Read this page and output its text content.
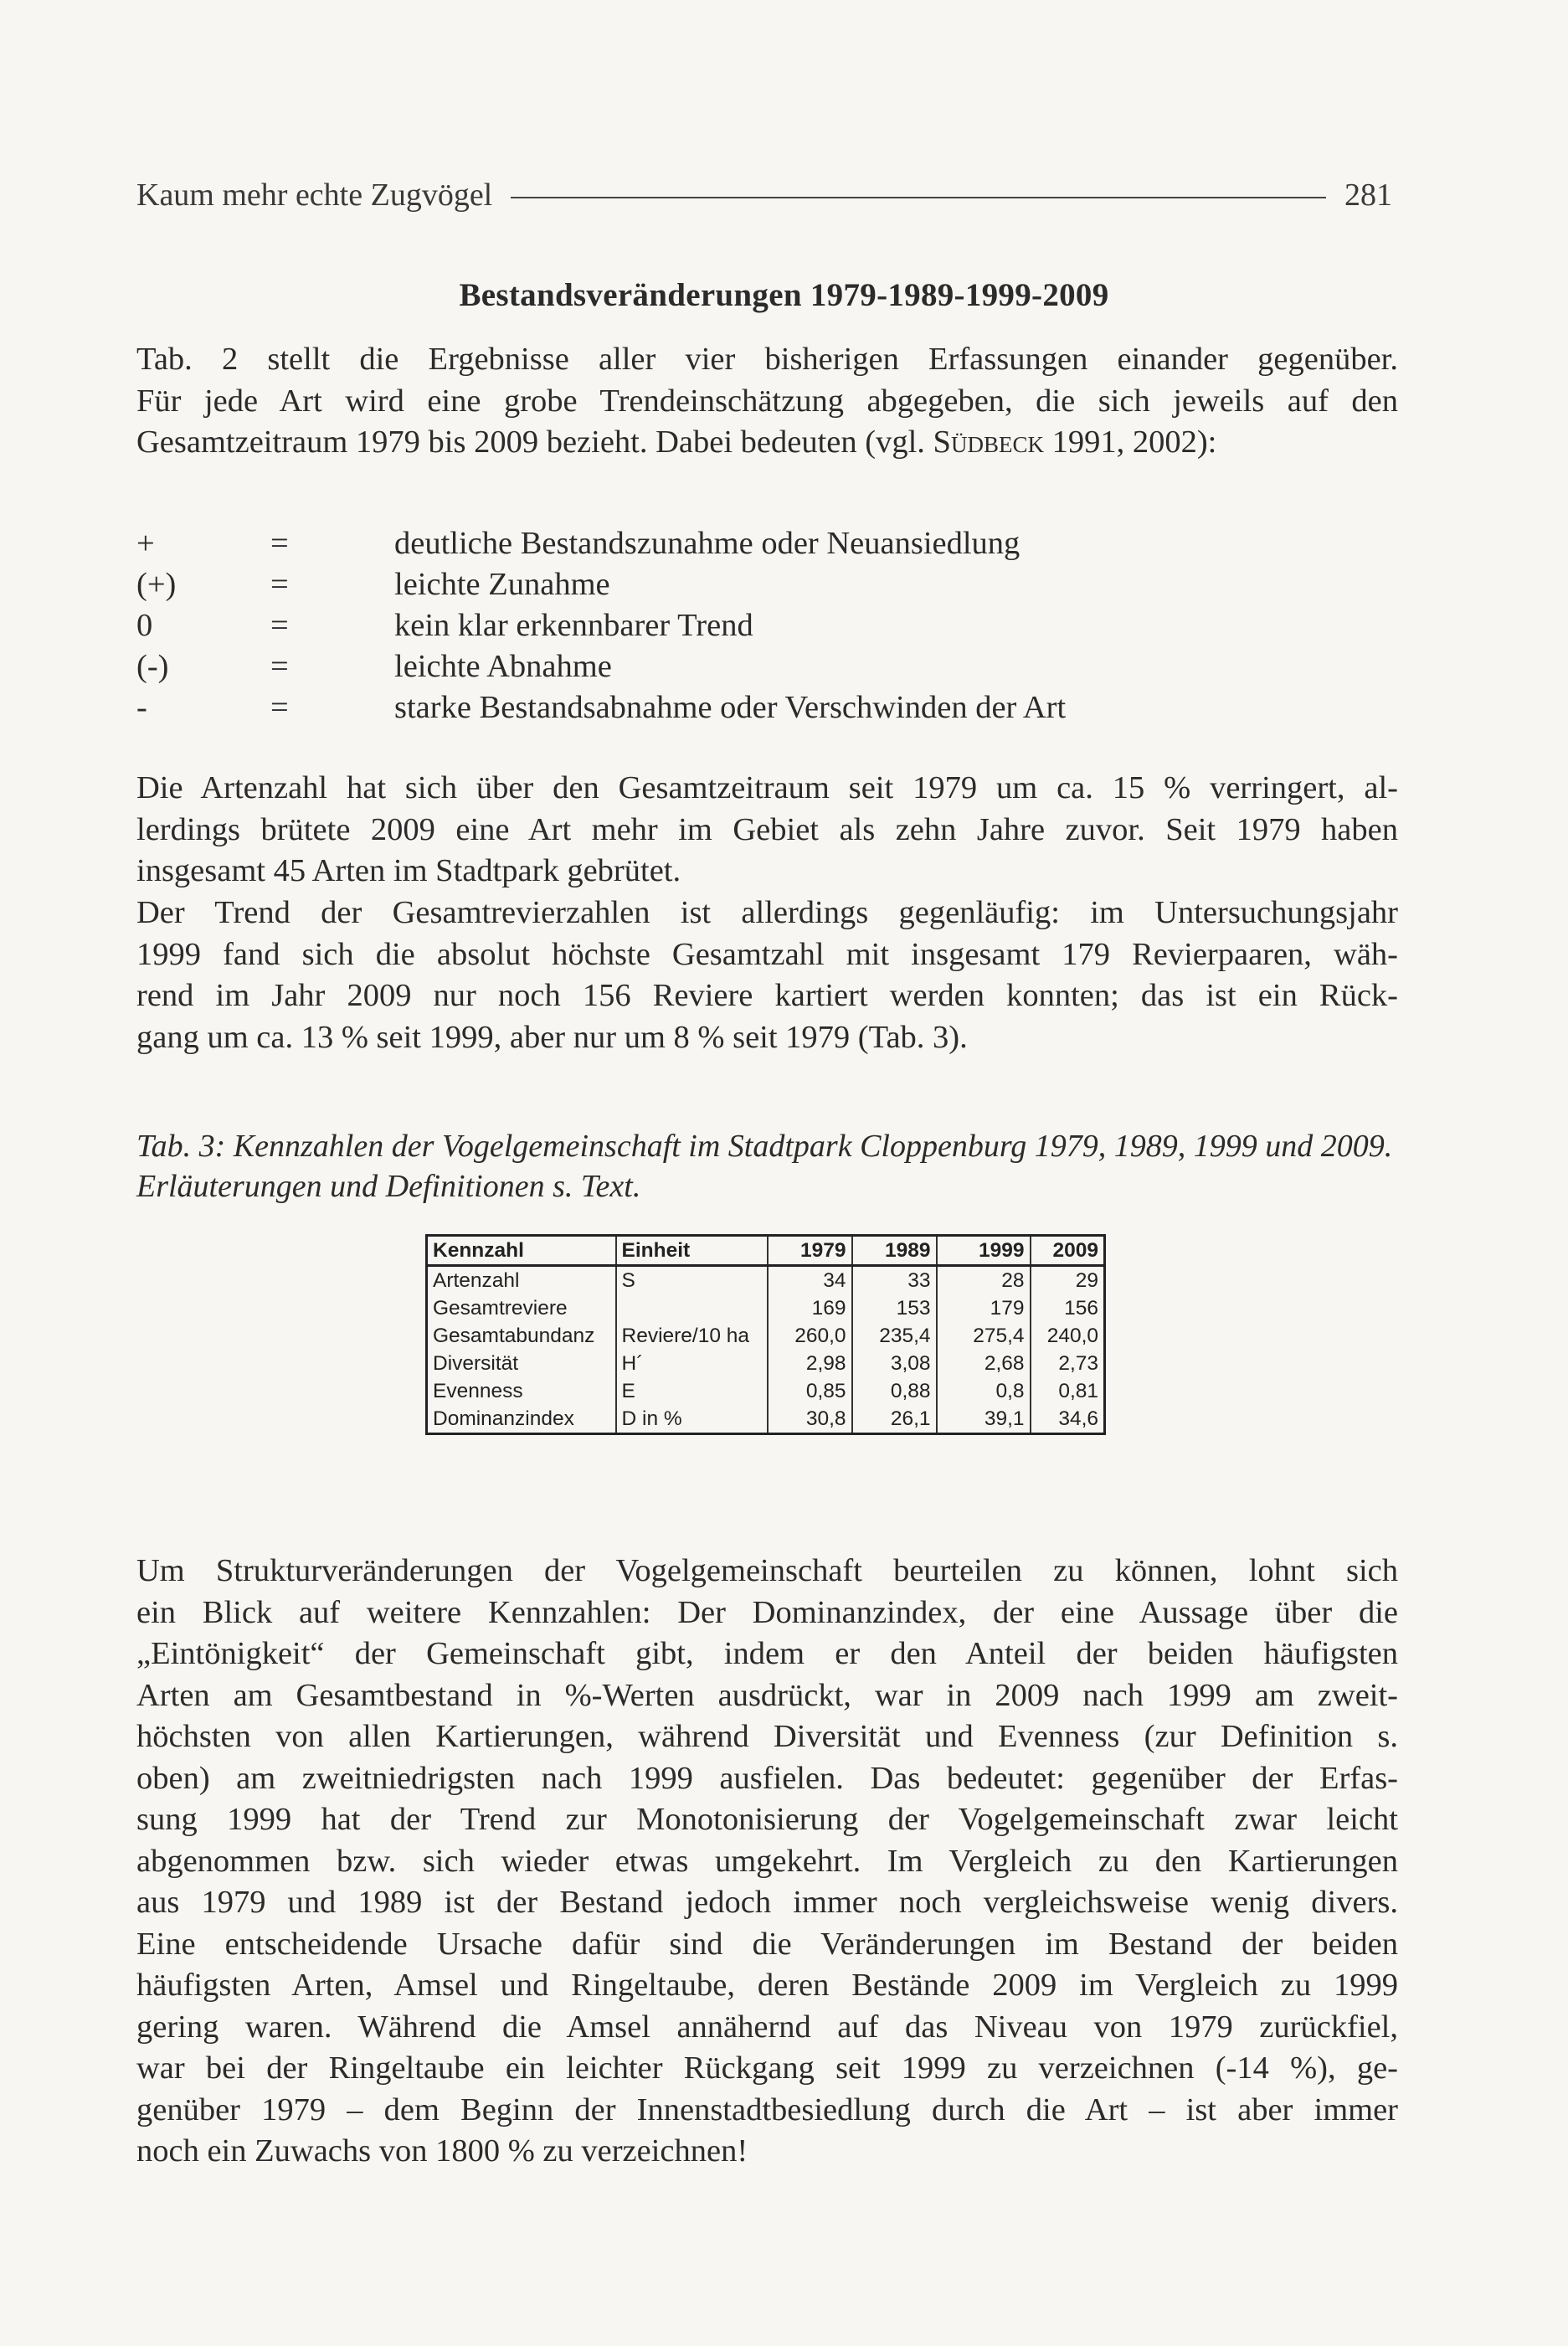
Kaum mehr echte Zugvögel	281
Bestandsveränderungen 1979-1989-1999-2009

Tab. 2 stellt die Ergebnisse aller vier bisherigen Erfassungen einander gegenüber.
Für jede Art wird eine grobe Trendeinschätzung abgegeben, die sich jeweils auf den
Gesamtzeitraum 1979 bis 2009 bezieht. Dabei bedeuten (vgl. Südbeck 1991, 2002):

+	=	deutliche Bestandszunahme oder Neuansiedlung
(+)	=	leichte Zunahme
0	=	kein klar erkennbarer Trend
(-)	=	leichte Abnahme
-	=	starke Bestandsabnahme oder Verschwinden der Art

Die Artenzahl hat sich über den Gesamtzeitraum seit 1979 um ca. 15 % verringert, al-
lerdings brütete 2009 eine Art mehr im Gebiet als zehn Jahre zuvor. Seit 1979 haben
insgesamt 45 Arten im Stadtpark gebrütet.

Der Trend der Gesamtrevierzahlen ist allerdings gegenläufig: im Untersuchungsjahr
1999 fand sich die absolut höchste Gesamtzahl mit insgesamt 179 Revierpaaren, wäh-
rend im Jahr 2009 nur noch 156 Reviere kartiert werden konnten; das ist ein Rück-
gang um ca. 13 % seit 1999, aber nur um 8 % seit 1979 (Tab. 3).

Tab. 3: Kennzahlen der Vogelgemeinschaft im Stadtpark Cloppenburg 1979, 1989, 1999 und 2009.
Erläuterungen und Definitionen s. Text.
Kennzahl	Einheit	1979	1989	1999	2009
Artenzahl	S	34	33	28	29
Gesamtreviere		169	153	179	156
Gesamtabundanz	Reviere/10 ha	260,0	235,4	275,4	240,0
Diversität	H´	2,98	3,08	2,68	2,73
Evenness	E	0,85	0,88	0,8	0,81
Dominanzindex	D in %	30,8	26,1	39,1	34,6

Um Strukturveränderungen der Vogelgemeinschaft beurteilen zu können, lohnt sich
ein Blick auf weitere Kennzahlen: Der Dominanzindex, der eine Aussage über die
„Eintönigkeit“ der Gemeinschaft gibt, indem er den Anteil der beiden häufigsten
Arten am Gesamtbestand in %-Werten ausdrückt, war in 2009 nach 1999 am zweit-
höchsten von allen Kartierungen, während Diversität und Evenness (zur Definition s.
oben) am zweitniedrigsten nach 1999 ausfielen. Das bedeutet: gegenüber der Erfas-
sung 1999 hat der Trend zur Monotonisierung der Vogelgemeinschaft zwar leicht
abgenommen bzw. sich wieder etwas umgekehrt. Im Vergleich zu den Kartierungen
aus 1979 und 1989 ist der Bestand jedoch immer noch vergleichsweise wenig divers.
Eine entscheidende Ursache dafür sind die Veränderungen im Bestand der beiden
häufigsten Arten, Amsel und Ringeltaube, deren Bestände 2009 im Vergleich zu 1999
gering waren. Während die Amsel annähernd auf das Niveau von 1979 zurückfiel,
war bei der Ringeltaube ein leichter Rückgang seit 1999 zu verzeichnen (-14 %), ge-
genüber 1979 – dem Beginn der Innenstadtbesiedlung durch die Art – ist aber immer
noch ein Zuwachs von 1800 % zu verzeichnen!
